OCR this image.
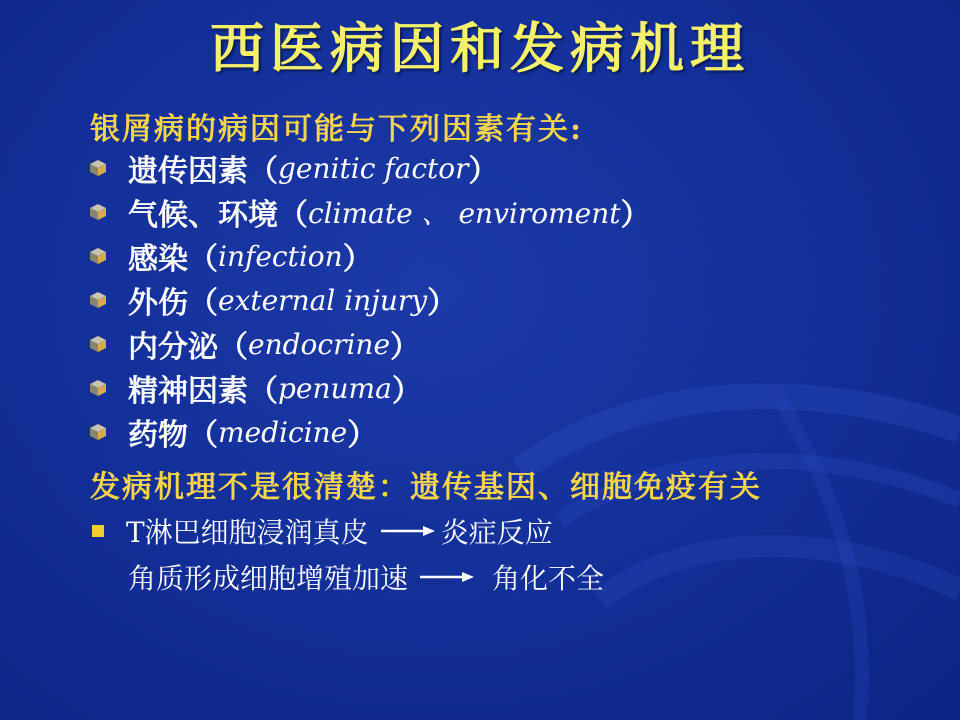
西医病因和发病机理
银屑病的病因可能与下列因素有关:
遗传因素 （ genitic factor ）
气候、环境 （ climate 、 enviroment ）
感染 （ infection ）
外伤 （ external injury ）
内分泌 （ endocrine ）
精神因素 （ penuma ）
药物 （ medicine ）
发病机理不是很清楚：遗传基因、细胞免疫有关
T淋巴细胞浸润真皮	炎症反应
角质形成细胞增殖加速	角化不全
